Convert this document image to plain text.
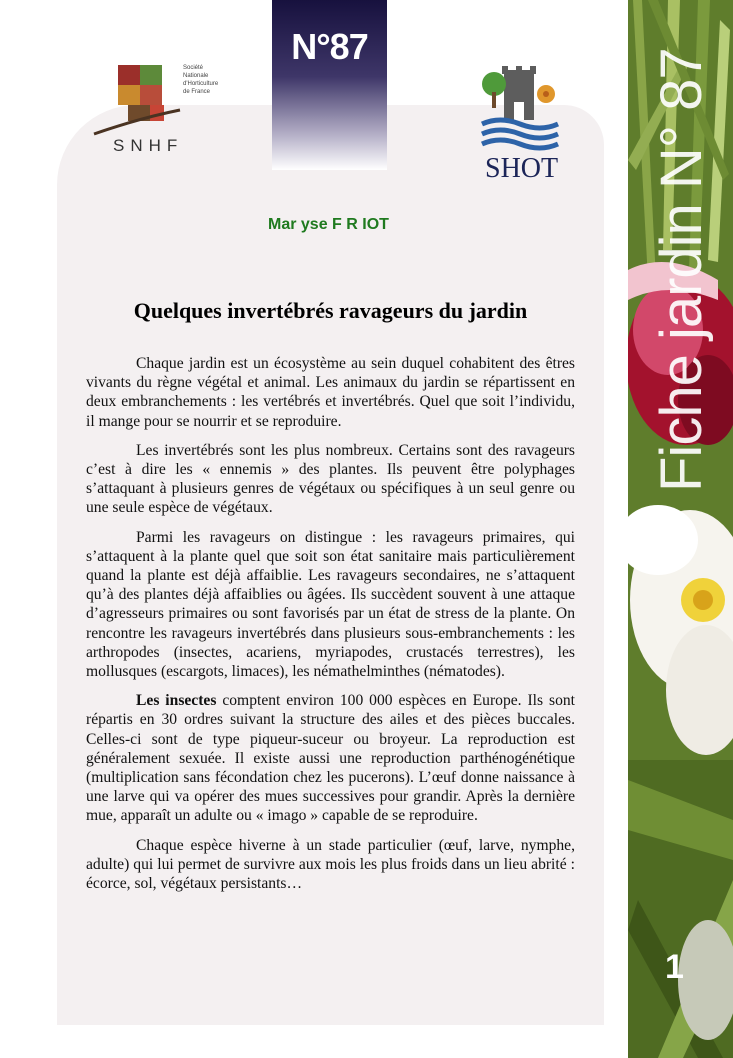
Fiche jardin N° 87
1
N°87
Société
Nationale
d'Horticulture
de France
SNHF
SHOT
Mar yse F R IOT
Quelques invertébrés ravageurs du jardin

Chaque jardin est un écosystème au sein duquel cohabitent des êtres vivants du règne végétal et animal. Les animaux du jardin se répartissent en deux embranchements : les vertébrés et invertébrés. Quel que soit l’individu, il mange pour se nourrir et se reproduire.

Les invertébrés sont les plus nombreux. Certains sont des ravageurs c’est à dire les « ennemis » des plantes. Ils peuvent être polyphages s’attaquant à plusieurs genres de végétaux ou spécifiques à un seul genre ou une seule espèce de végétaux.

Parmi les ravageurs on distingue : les ravageurs primaires, qui s’attaquent à la plante quel que soit son état sanitaire mais particulièrement quand la plante est déjà affaiblie. Les ravageurs secondaires, ne s’attaquent qu’à des plantes déjà affaiblies ou âgées. Ils succèdent souvent à une attaque d’agresseurs primaires ou sont favorisés par un état de stress de la plante. On rencontre les ravageurs invertébrés dans plusieurs sous-embranchements : les arthropodes (insectes, acariens, myriapodes, crustacés terrestres), les mollusques (escargots, limaces), les némathelminthes (nématodes).

Les insectes comptent environ 100 000 espèces en Europe. Ils sont répartis en 30 ordres suivant la structure des ailes et des pièces buccales. Celles-ci sont de type piqueur-suceur ou broyeur. La reproduction est généralement sexuée. Il existe aussi une reproduction parthénogénétique (multiplication sans fécondation chez les pucerons). L’œuf donne naissance à une larve qui va opérer des mues successives pour grandir. Après la dernière mue, apparaît un adulte ou « imago » capable de se reproduire.

Chaque espèce hiverne à un stade particulier (œuf, larve, nymphe, adulte) qui lui permet de survivre aux mois les plus froids dans un lieu abrité : écorce, sol, végétaux persistants…
